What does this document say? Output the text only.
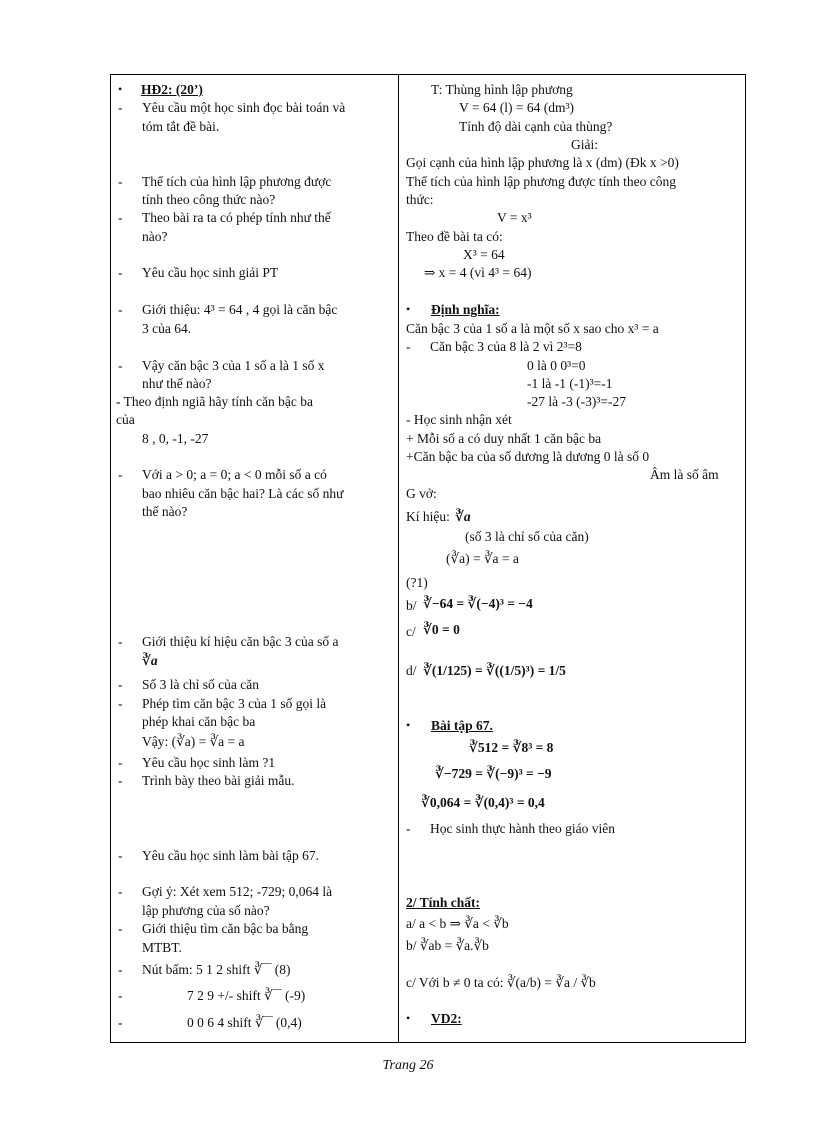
• HĐ2: (20’)
- Yêu cầu một học sinh đọc bài toán và
tóm tắt đề bài.
- Thể tích của hình lập phương được
tính theo công thức nào?
- Theo bài ra ta có phép tính như thế
nào?
- Yêu cầu học sinh giải PT
- Giới thiệu: 4³ = 64 , 4 gọi là căn bậc
3 của 64.
- Vậy căn bậc 3 của 1 số a là 1 số x
như thế nào?
- Theo định ngiã hãy tính căn bậc ba
của
8 , 0, -1, -27
- Với a > 0; a = 0; a < 0 mỗi số a có
bao nhiêu căn bậc hai? Là các số như
thế nào?
- Giới thiệu kí hiệu căn bậc 3 của số a
∛a
- Số 3 là chỉ số của căn
- Phép tìm căn bậc 3 của 1 số gọi là
phép khai căn bậc ba
Vậy: (∛a) = ∛a = a
- Yêu cầu học sinh làm ?1
- Trình bày theo bài giải mẫu.
- Yêu cầu học sinh làm bài tập 67.
- Gợi ý: Xét xem 512; -729; 0,064 là
lập phương của số nào?
- Giới thiệu tìm căn bậc ba bằng
MTBT.
- Nút bấm: 5 1 2 shift ∛‾‾ (8)
-	7 2 9 +/- shift ∛‾‾ (-9)
-	0 0 6 4 shift ∛‾‾ (0,4)
T: Thùng hình lập phương
V = 64 (l) = 64 (dm³)
Tính độ dài cạnh của thùng?
Giải:
Gọi cạnh của hình lập phương là x (dm) (Đk x >0)
Thể tích của hình lập phương được tính theo công
thức:
V = x³
Theo đề bài ta có:
X³ = 64
⇒ x = 4 (vì 4³ = 64)
• Định nghĩa:
Căn bậc 3 của 1 số a là một số x sao cho x³ = a
- Căn bậc 3 của 8 là 2 vì 2³=8
0 là 0 0³=0
-1 là -1 (-1)³=-1
-27 là -3 (-3)³=-27
- Học sinh nhận xét
+ Mỗi số a có duy nhất 1 căn bậc ba
+Căn bậc ba của số dương là dương 0 là số 0
Âm là số âm
G vở:
Kí hiệu: ∛a
(số 3 là chỉ số của căn)
(∛a) = ∛a = a
(?1)
b/ ∛−64 = ∛(−4)³ = −4
c/ ∛0 = 0
d/ ∛(1/125) = ∛((1/5)³) = 1/5
• Bài tập 67.
∛512 = ∛8³ = 8
∛−729 = ∛(−9)³ = −9
∛0,064 = ∛(0,4)³ = 0,4
- Học sinh thực hành theo giáo viên
2/ Tính chất:
a/ a < b ⇒ ∛a < ∛b
b/ ∛ab = ∛a.∛b
c/ Với b ≠ 0 ta có: ∛(a/b) = ∛a / ∛b
• VD2:
Trang 26
